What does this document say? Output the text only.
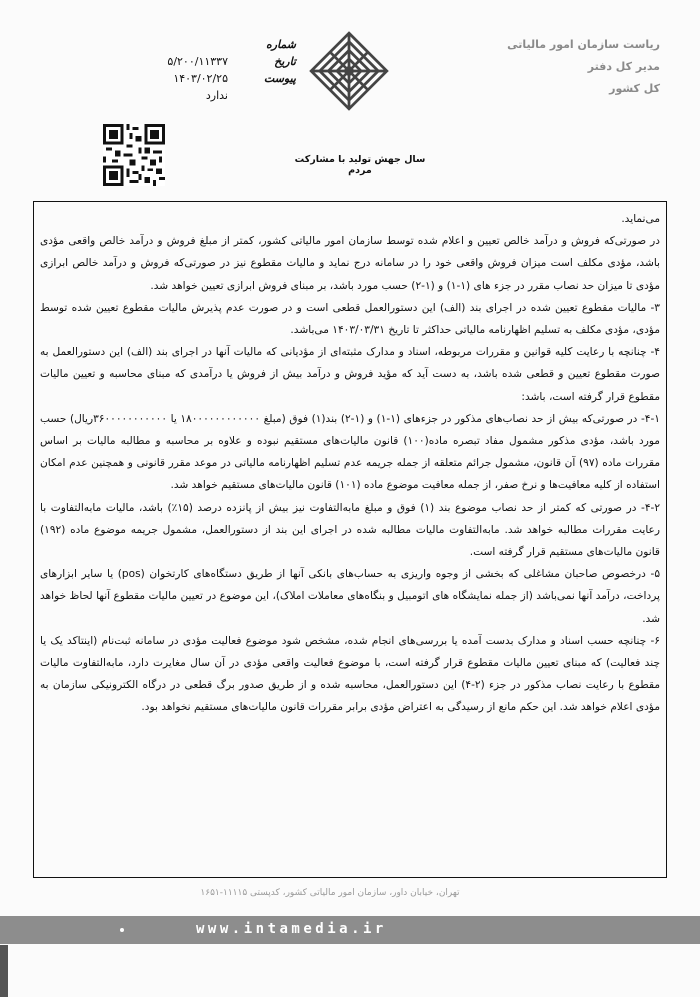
شماره
تاریخ
۵/۲۰۰/۱۱۳۳۷
پیوست
۱۴۰۳/۰۲/۲۵
ندارد
ریاست سازمان امور مالیاتی
مدیر کل دفتر
کل کشور
سال جهش تولید با مشارکت مردم

می‌نماید.

در صورتی‌که فروش و درآمد خالص تعیین و اعلام شده توسط سازمان امور مالیاتی کشور، کمتر از مبلغ فروش و درآمد خالص واقعی مؤدی باشد، مؤدی مکلف است میزان فروش واقعی خود را در سامانه درج نماید و مالیات مقطوع نیز در صورتی‌که فروش و درآمد خالص ابرازی مؤدی تا میزان حد نصاب مقرر در جزء های (۱-۱) و (۱-۲) حسب مورد باشد، بر مبنای فروش ابرازی تعیین خواهد شد.

۳- مالیات مقطوع تعیین شده در اجرای بند (الف) این دستورالعمل قطعی است و در صورت عدم پذیرش مالیات مقطوع تعیین شده توسط مؤدی، مؤدی مکلف به تسلیم اظهارنامه مالیاتی حداکثر تا تاریخ ۱۴۰۳/۰۳/۳۱ می‌باشد.

۴- چنانچه با رعایت کلیه قوانین و مقررات مربوطه، اسناد و مدارک مثبته‌ای از مؤدیانی که مالیات آنها در اجرای بند (الف) این دستورالعمل به صورت مقطوع تعیین و قطعی شده باشد، به دست آید که مؤید فروش و درآمد بیش از فروش یا درآمدی که مبنای محاسبه و تعیین مالیات مقطوع قرار گرفته است، باشد:

۴-۱- در صورتی‌که بیش از حد نصاب‌های مذکور در جزءهای (۱-۱) و (۱-۲) بند(۱) فوق (مبلغ ۱۸۰۰۰۰۰۰۰۰۰۰۰۰ یا ۳۶۰۰۰۰۰۰۰۰۰۰۰ریال) حسب مورد باشد، مؤدی مذکور مشمول مفاد تبصره ماده(۱۰۰) قانون مالیات‌های مستقیم نبوده و علاوه بر محاسبه و مطالبه مالیات بر اساس مقررات ماده (۹۷) آن قانون، مشمول جرائم متعلقه از جمله جریمه عدم تسلیم اظهارنامه مالیاتی در موعد مقرر قانونی و همچنین عدم امکان استفاده از کلیه معافیت‌ها و نرخ صفر، از جمله معافیت موضوع ماده (۱۰۱) قانون مالیات‌های مستقیم خواهد شد.

۴-۲- در صورتی که کمتر از حد نصاب موضوع بند (۱) فوق و مبلغ مابه‌التفاوت نیز بیش از پانزده درصد (۱۵٪) باشد، مالیات مابه‌التفاوت با رعایت مقررات مطالبه خواهد شد. مابه‌التفاوت مالیات مطالبه شده در اجرای این بند از دستورالعمل، مشمول جریمه موضوع ماده (۱۹۲) قانون مالیات‌های مستقیم قرار گرفته است.

۵- درخصوص صاحبان مشاغلی که بخشی از وجوه واریزی به حساب‌های بانکی آنها از طریق دستگاه‌های کارتخوان (pos) یا سایر ابزارهای پرداخت، درآمد آنها نمی‌باشد (از جمله نمایشگاه های اتومبیل و بنگاه‌های معاملات املاک)، این موضوع در تعیین مالیات مقطوع آنها لحاظ خواهد شد.

۶- چنانچه حسب اسناد و مدارک بدست آمده یا بررسی‌های انجام شده، مشخص شود موضوع فعالیت مؤدی در سامانه ثبت‌نام (اینتاکد یک یا چند فعالیت) که مبنای تعیین مالیات مقطوع قرار گرفته است، با موضوع فعالیت واقعی مؤدی در آن سال مغایرت دارد، مابه‌التفاوت مالیات مقطوع با رعایت نصاب مذکور در جزء (۲-۴) این دستورالعمل، محاسبه شده و از طریق صدور برگ قطعی در درگاه الکترونیکی سازمان به مؤدی اعلام خواهد شد. این حکم مانع از رسیدگی به اعتراض مؤدی برابر مقررات قانون مالیات‌های مستقیم نخواهد بود.

تهران، خیابان داور، سازمان امور مالیاتی کشور، کدپستی ۱۱۱۱۵-۱۶۵۱
www.intamedia.ir
